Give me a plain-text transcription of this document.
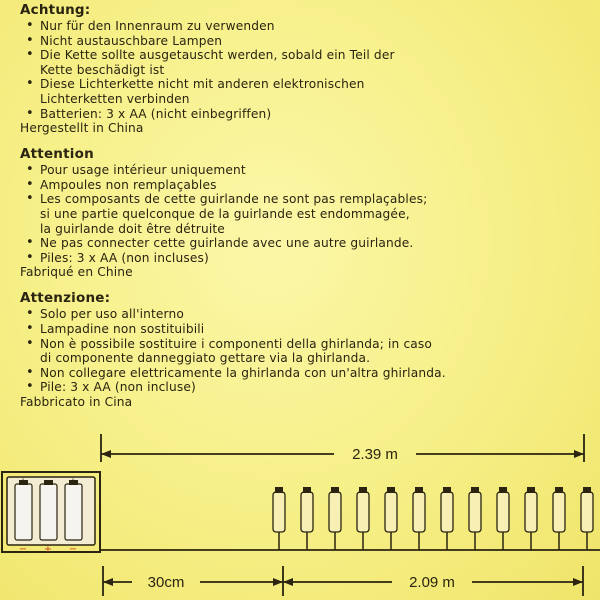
Achtung:
• Nur für den Innenraum zu verwenden
• Nicht austauschbare Lampen
• Die Kette sollte ausgetauscht werden, sobald ein Teil der
Kette beschädigt ist
• Diese Lichterkette nicht mit anderen elektronischen
Lichterketten verbinden
• Batterien: 3 x AA (nicht einbegriffen)
Hergestellt in China
Attention
• Pour usage intérieur uniquement
• Ampoules non remplaçables
• Les composants de cette guirlande ne sont pas remplaçables;
si une partie quelconque de la guirlande est endommagée,
la guirlande doit être détruite
• Ne pas connecter cette guirlande avec une autre guirlande.
• Piles: 3 x AA (non incluses)
Fabriqué en Chine
Attenzione:
• Solo per uso all'interno
• Lampadine non sostituibili
• Non è possibile sostituire i componenti della ghirlanda; in caso
di componente danneggiato gettare via la ghirlanda.
• Non collegare elettricamente la ghirlanda con un'altra ghirlanda.
• Pile: 3 x AA (non incluse)
Fabbricato in Cina
2.39 m
+ − +
− + −
30cm	2.09 m
